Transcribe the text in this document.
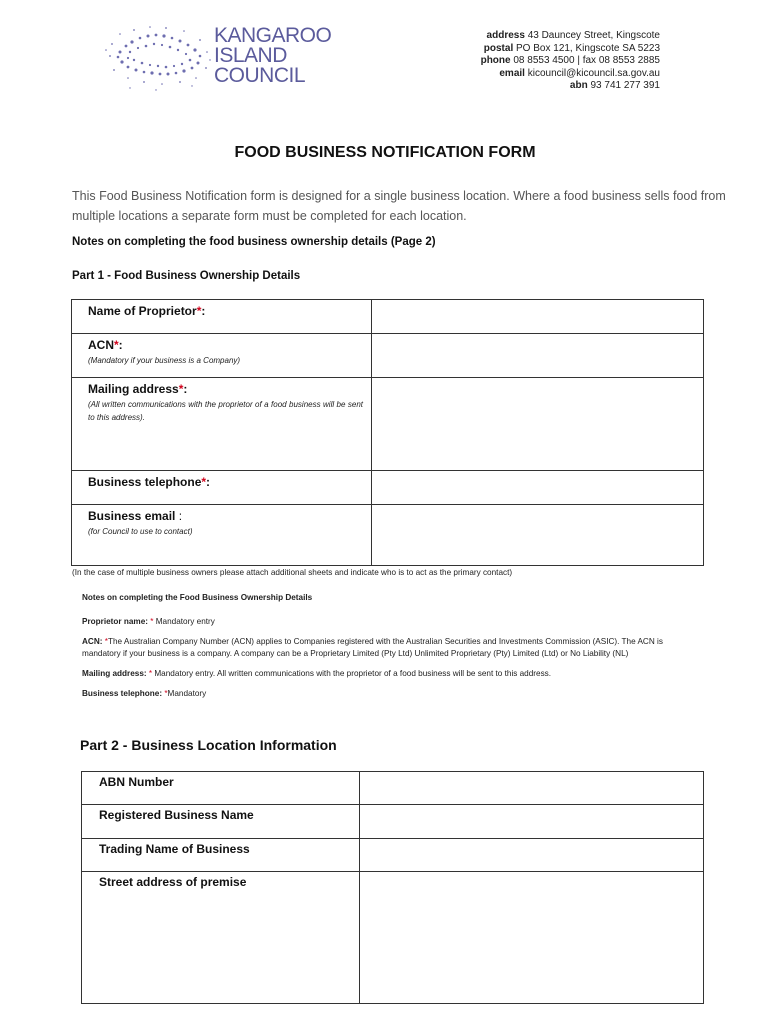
KANGAROO
ISLAND
COUNCIL
address 43 Dauncey Street, Kingscote
postal PO Box 121, Kingscote SA 5223
phone 08 8553 4500 | fax 08 8553 2885
email kicouncil@kicouncil.sa.gov.au
abn 93 741 277 391
FOOD BUSINESS NOTIFICATION FORM
This Food Business Notification form is designed for a single business location. Where a food business sells food from multiple locations a separate form must be completed for each location.
Notes on completing the food business ownership details (Page 2)
Part 1 - Food Business Ownership Details
Name of Proprietor*:	

ACN*:
(Mandatory if your business is a Company)	

Mailing address*:
(All written communications with the proprietor of a food business will be sent to this address).	

Business telephone*:	

Business email :
(for Council to use to contact)	

(In the case of multiple business owners please attach additional sheets and indicate who is to act as the primary contact)

Notes on completing the Food Business Ownership Details

Proprietor name: * Mandatory entry

ACN: *The Australian Company Number (ACN) applies to Companies registered with the Australian Securities and Investments Commission (ASIC). The ACN is mandatory if your business is a company. A company can be a Proprietary Limited (Pty Ltd) Unlimited Proprietary (Pty) Limited (Ltd) or No Liability (NL)

Mailing address: * Mandatory entry. All written communications with the proprietor of a food business will be sent to this address.

Business telephone: *Mandatory

Part 2 - Business Location Information
ABN Number	

Registered Business Name	

Trading Name of Business	

Street address of premise	
